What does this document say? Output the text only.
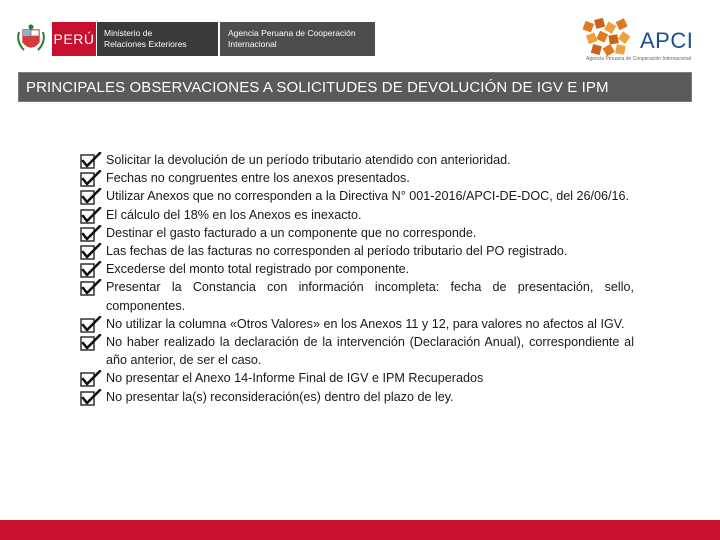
PERÚ Ministerio de
Relaciones Exteriores
Agencia Peruana de Cooperación
Internacional	APCI
Agencia Peruana de Cooperación Internacional
PRINCIPALES OBSERVACIONES A SOLICITUDES DE DEVOLUCIÓN DE IGV E IPM
Solicitar la devolución de un período tributario atendido con anterioridad.
Fechas no congruentes entre los anexos presentados.
Utilizar Anexos que no corresponden a la Directiva N° 001-2016/APCI-DE-DOC, del 26/06/16.
El cálculo del 18% en los Anexos es inexacto.
Destinar el gasto facturado a un componente que no corresponde.
Las fechas de las facturas no corresponden al período tributario del PO registrado.
Excederse del monto total registrado por componente.
Presentar la Constancia con información incompleta: fecha de presentación, sello, componentes.
No utilizar la columna «Otros Valores» en los Anexos 11 y 12, para valores no afectos al IGV.
No haber realizado la declaración de la intervención (Declaración Anual), correspondiente al año anterior, de ser el caso.
No presentar el Anexo 14-Informe Final de IGV e IPM Recuperados
No presentar la(s) reconsideración(es) dentro del plazo de ley.
